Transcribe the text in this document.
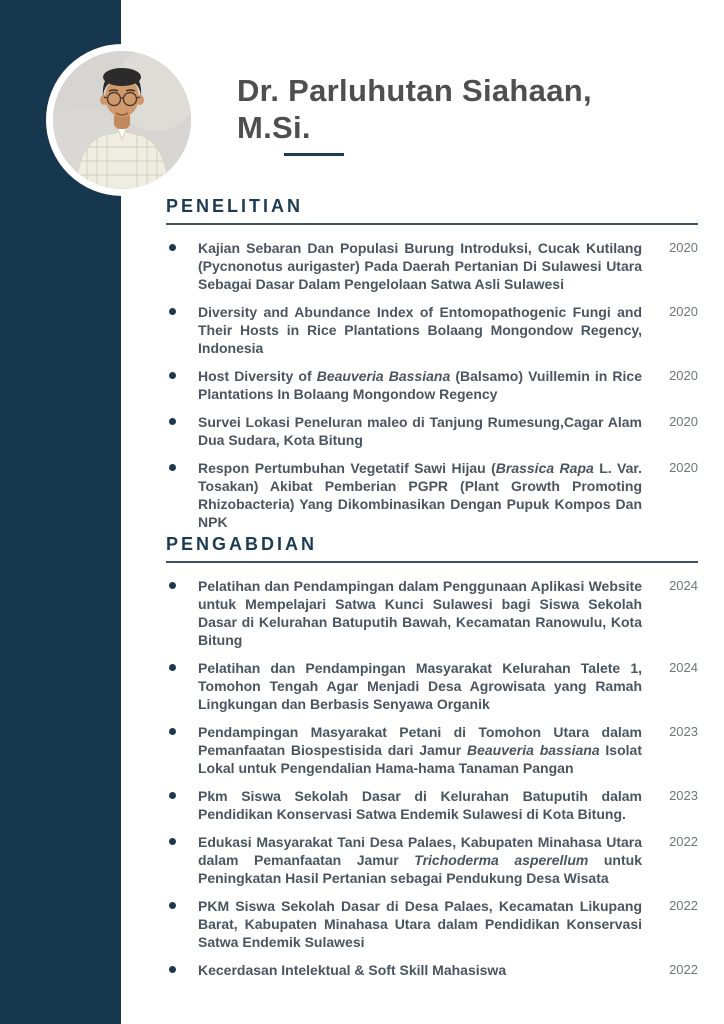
Dr. Parluhutan Siahaan,
M.Si.
PENELITIAN

Kajian Sebaran Dan Populasi Burung Introduksi, Cucak Kutilang (Pycnonotus aurigaster) Pada Daerah Pertanian Di Sulawesi Utara Sebagai Dasar Dalam Pengelolaan Satwa Asli Sulawesi

2020

Diversity and Abundance Index of Entomopathogenic Fungi and Their Hosts in Rice Plantations Bolaang Mongondow Regency, Indonesia

2020

Host Diversity of Beauveria Bassiana (Balsamo) Vuillemin in Rice Plantations In Bolaang Mongondow Regency

2020

Survei Lokasi Peneluran maleo di Tanjung Rumesung,Cagar Alam Dua Sudara, Kota Bitung

2020

Respon Pertumbuhan Vegetatif Sawi Hijau (Brassica Rapa L. Var. Tosakan) Akibat Pemberian PGPR (Plant Growth Promoting Rhizobacteria) Yang Dikombinasikan Dengan Pupuk Kompos Dan NPK

2020
PENGABDIAN

Pelatihan dan Pendampingan dalam Penggunaan Aplikasi Website untuk Mempelajari Satwa Kunci Sulawesi bagi Siswa Sekolah Dasar di Kelurahan Batuputih Bawah, Kecamatan Ranowulu, Kota Bitung

2024

Pelatihan dan Pendampingan Masyarakat Kelurahan Talete 1, Tomohon Tengah Agar Menjadi Desa Agrowisata yang Ramah Lingkungan dan Berbasis Senyawa Organik

2024

Pendampingan Masyarakat Petani di Tomohon Utara dalam Pemanfaatan Biospestisida dari Jamur Beauveria bassiana Isolat Lokal untuk Pengendalian Hama-hama Tanaman Pangan

2023

Pkm Siswa Sekolah Dasar di Kelurahan Batuputih dalam Pendidikan Konservasi Satwa Endemik Sulawesi di Kota Bitung.

2023

Edukasi Masyarakat Tani Desa Palaes, Kabupaten Minahasa Utara dalam Pemanfaatan Jamur Trichoderma asperellum untuk Peningkatan Hasil Pertanian sebagai Pendukung Desa Wisata

2022

PKM Siswa Sekolah Dasar di Desa Palaes, Kecamatan Likupang Barat, Kabupaten Minahasa Utara dalam Pendidikan Konservasi Satwa Endemik Sulawesi

2022

Kecerdasan Intelektual & Soft Skill Mahasiswa	2022
